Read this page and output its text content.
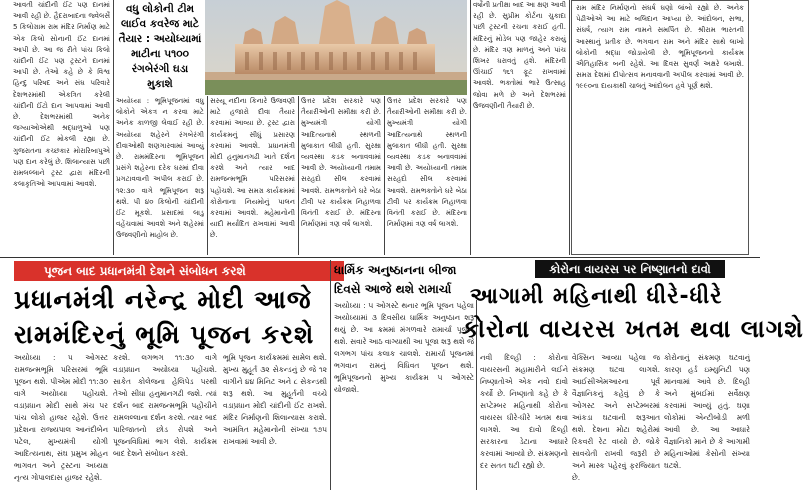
આવતી ચાંદીની ઈંટ પણ દાનમાં આવી રહી છે. હૈદરાબાદના જ્વેલર્સે 5 કિલોગ્રામ રામ મંદિર નિર્માણ માટે એક કિલો સોનાની ઈંટ દાનમાં આપી છે. આ જ રીતે પાંચ કિલો ચાંદીની ઈંટ પણ ટ્રસ્ટને દાનમાં આપી છે. તેઓ કહે છે કે વિશ્વ હિન્દુ પરિષદ અને સંઘ પરિવારે દેશભરમાંથી એકત્રિત કરેલી ચાંદીની ઈંટો દાન આપવામાં આવી છે. દેશભરમાંથી અનેક જગ્યાઓએથી શ્રદ્ધાળુઓ પણ ચાંદીની ઈંટ મોકલી રહ્યા છે. ગુજરાતના કચ્છકાર મોરારિબાપુએ પણ દાન કરેલું છે. શિલાન્યાસ પછી રામલલ્લાને ટ્રસ્ટ દ્વારા મંદિરની કલાકૃતિઓ આપવામાં આવશે.
વધુ લોકોની ટીમ
લાઈવ કવરેજ માટે
તૈયાર : અયોધ્યામાં
માટીના ૫૧૦૦
રંગબેરંગી ઘડા
મુકાશે
અયોધ્યા : ભૂમિપૂજનમાં વધુ લોકોને એકત્ર ન કરવા માટે અનેક કાળજી લેવાઈ રહી છે. અયોધ્યા શહેરને રંગબેરંગી દીવાઓથી શણગારવામાં આવ્યું છે. રામમંદિરના ભૂમિપૂજન પ્રસંગે શહેરના દરેક ઘરમાં દીવા પ્રગટાવવાની અપીલ કરાઈ છે. ૧૨:૩૦ વાગે ભૂમિપૂજન શરૂ થશે. પી ૪૦ કિલોની ચાંદીની ઈંટ મૂકશે. પ્રસાદમાં લાડુ વહેંચવામાં આવશે અને શહેરમાં ઉજવણીનો માહોલ છે.
સરયૂ નદીના કિનારે ઉજવણી માટે હજારો દીવા તૈયાર કરવામાં આવ્યા છે. ટ્રસ્ટ દ્વારા કાર્યક્રમનું સીધું પ્રસારણ કરવામાં આવશે. પ્રધાનમંત્રી મોદી હનુમાનગઢી ખાતે દર્શન કરશે અને ત્યાર બાદ રામજન્મભૂમિ પરિસરમાં પહોંચશે. આ સમગ્ર કાર્યક્રમમાં કોરોનાના નિયમોનું પાલન કરવામાં આવશે. મહેમાનોની યાદી મર્યાદિત રાખવામાં આવી છે.
ઉત્તર પ્રદેશ સરકારે પણ તૈયારીઓની સમીક્ષા કરી છે. મુખ્યમંત્રી યોગી આદિત્યનાથે સ્થળની મુલાકાત લીધી હતી. સુરક્ષા વ્યવસ્થા કડક બનાવવામાં આવી છે. અયોધ્યાની તમામ સરહદો સીલ કરવામાં આવશે. રામભક્તોને ઘરે બેઠા ટીવી પર કાર્યક્રમ નિહાળવા વિનંતી કરાઈ છે. મંદિરના નિર્માણમાં ત્રણ વર્ષ લાગશે.
ઉત્તર પ્રદેશ સરકારે પણ તૈયારીઓની સમીક્ષા કરી છે. મુખ્યમંત્રી યોગી આદિત્યનાથે સ્થળની મુલાકાત લીધી હતી. સુરક્ષા વ્યવસ્થા કડક બનાવવામાં આવી છે. અયોધ્યાની તમામ સરહદો સીલ કરવામાં આવશે. રામભક્તોને ઘરે બેઠા ટીવી પર કાર્યક્રમ નિહાળવા વિનંતી કરાઈ છે. મંદિરના નિર્માણમાં ત્રણ વર્ષ લાગશે.
વર્ષોની પ્રતીક્ષા બાદ આ ક્ષણ આવી રહી છે. સુપ્રીમ કોર્ટના ચુકાદા પછી ટ્રસ્ટની રચના કરાઈ હતી. મંદિરનું મોડેલ પણ જાહેર કરાયું છે. મંદિર ત્રણ માળનું અને પાંચ શિખર ધરાવતું હશે. મંદિરની ઊંચાઈ ૧૬૧ ફૂટ રાખવામાં આવશે. ભક્તોમાં ભારે ઉત્સાહ જોવા મળે છે અને દેશભરમાં ઉજવણીની તૈયારી છે.
રામ મંદિર નિર્માણનો સંઘર્ષ ઘણો લાંબો રહ્યો છે. અનેક પેઢીઓએ આ માટે બલિદાન આપ્યા છે. આંદોલન, સભા, સંઘર્ષ, ત્યાગ રામ નામને સમર્પિત છે. શ્રીરામ ભારતની આસ્થાનું પ્રતીક છે. ભગવાન રામ અને મંદિર સાથે લાખો લોકોની શ્રદ્ધા જોડાયેલી છે. ભૂમિપૂજનનો કાર્યક્રમ ઐતિહાસિક બની રહેશે. આ દિવસ સુવર્ણ અક્ષરે લખાશે. સમગ્ર દેશમાં દીપોત્સવ મનાવવાની અપીલ કરવામાં આવી છે. ૧૯૯૦ના દાયકાથી ચાલતું આંદોલન હવે પૂર્ણ થશે.
પૂજન બાદ પ્રધાનમંત્રી દેશને સંબોધન કરશે	ધાર્મિક અનુષ્ઠાનના બીજા
દિવસે આજે થશે રામાર્ચા
કોરોના વાયરસ પર નિષ્ણાતનો દાવો
પ્રધાનમંત્રી નરેન્દ્ર મોદી આજે
રામમંદિરનું ભૂમિ પૂજન કરશે
આગામી મહિનાથી ધીરે-ધીરે
કોરોના વાયરસ ખતમ થવા લાગશે
અયોધ્યા : ૫ ઓગસ્ટ રામજન્મભૂમિ પરિસરમાં ભૂમિ પૂજન થશે. પીએમ મોદી ૧૧:૩૦ વાગે અયોધ્યા પહોંચશે. વડાપ્રધાન મોદી સાથે મંચ પર પાંચ લોકો હાજર રહેશે. ઉત્તર પ્રદેશના રાજ્યપાલ આનંદીબેન પટેલ, મુખ્યમંત્રી યોગી આદિત્યનાથ, સંઘ પ્રમુખ મોહન ભાગવત અને ટ્રસ્ટના અધ્યક્ષ નૃત્ય ગોપાલદાસ હાજર રહેશે.
કરશે. લગભગ ૧૧:૩૦ વાગે વડાપ્રધાન અયોધ્યા પહોંચશે. સાકેત કોલેજના હેલિપેડ પરથી તેઓ સીધા હનુમાનગઢી જશે. ત્યાં દર્શન બાદ રામજન્મભૂમિ પહોંચીને રામલલ્લાના દર્શન કરશે. ત્યાર બાદ પારિજાતનો છોડ રોપશે અને પૂજનવિધિમાં ભાગ લેશે. કાર્યક્રમ બાદ દેશને સંબોધન કરશે.
ભૂમિ પૂજન કાર્યક્રમમાં સામેલ થશે. મુખ્ય મુહૂર્ત ૩૨ સેકન્ડનું છે જે ૧૨ વાગીને ૪૪ મિનિટ અને ૮ સેકન્ડથી શરૂ થશે. આ મુહૂર્તની વચ્ચે વડાપ્રધાન મોદી ચાંદીની ઈંટ રાખશે. મંદિર નિર્માણની શિલાન્યાસ કરાશે. આમંત્રિત મહેમાનોની સંખ્યા ૧૭૫ રાખવામાં આવી છે.
અયોધ્યા : ૫ ઓગસ્ટે થનાર ભૂમિ પૂજન પહેલા અયોધ્યામાં ૩ દિવસીય ધાર્મિક અનુષ્ઠાન શરૂ થયું છે. આ ક્રમમાં મંગળવારે રામાર્ચા પૂજન થશે. સવારે આઠ વાગ્યાથી આ પૂજા શરૂ થશે જે લગભગ પાંચ કલાક ચાલશે. રામાર્ચા પૂજનમાં ભગવાન રામનું વિધિવત પૂજન થશે. ભૂમિપૂજનનો મુખ્ય કાર્યક્રમ ૫ ઓગસ્ટે યોજાશે.
નવી દિલ્હી : કોરોના વાયરસની મહામારીને લઈને નિષ્ણાતોએ એક નવો દાવો કર્યો છે. નિષ્ણાતો કહે છે કે સપ્ટેમ્બર મહિનાથી કોરોના વાયરસ ધીરે-ધીરે ખતમ થવા લાગશે. આ દાવો દિલ્હી સરકારના ડેટાના આધારે કરવામાં આવ્યો છે. સંક્રમણનો દર સતત ઘટી રહ્યો છે.
વેક્સિન આવ્યા પહેલા જ સંક્રમણ ઘટવા લાગશે. આઈસીએમઆરના પૂર્વ વૈજ્ઞાનિકનું કહેવું છે કે ઓગસ્ટ અને સપ્ટેમ્બરમાં આંકડા ઘટવાની શરૂઆત થશે. દેશના મોટા શહેરોમાં રિકવરી રેટ વધ્યો છે. જોકે સાવચેતી રાખવી જરૂરી છે અને માસ્ક પહેરવું ફરજિયાત છે.
કોરોનાનું સંક્રમણ ઘટવાનું કારણ હર્ડ ઇમ્યુનિટી પણ માનવામાં આવે છે. દિલ્હી અને મુંબઈમાં સર્વેક્ષણ કરવામાં આવ્યું હતું. ઘણા લોકોમાં એન્ટીબોડી મળી આવી છે. આ આધારે વૈજ્ઞાનિકો માને છે કે આગામી મહિનાઓમાં કેસોની સંખ્યા ઘટશે.
